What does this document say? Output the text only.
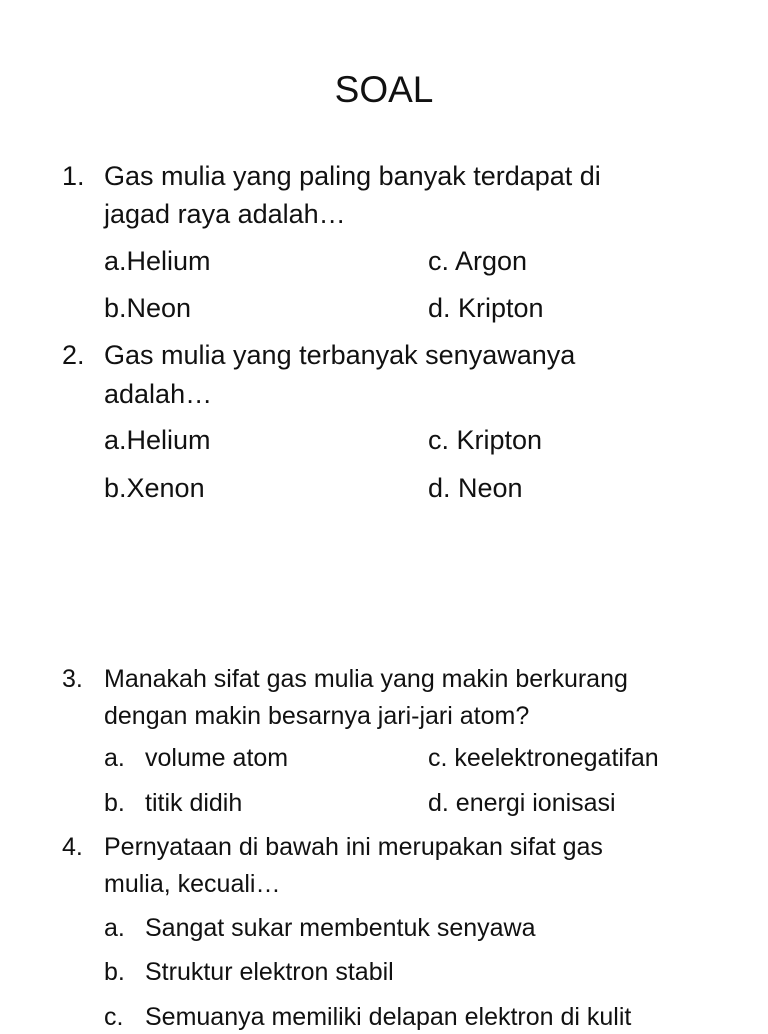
SOAL
1. Gas mulia yang paling banyak terdapat di
jagad raya adalah…
a.Helium	c. Argon
b.Neon	d. Kripton
2. Gas mulia yang terbanyak senyawanya
adalah…
a.Helium	c. Kripton
b.Xenon	d. Neon
3. Manakah sifat gas mulia yang makin berkurang
dengan makin besarnya jari-jari atom?
a. volume atom	c. keelektronegatifan
b. titik didih	d. energi ionisasi
4. Pernyataan di bawah ini merupakan sifat gas
mulia, kecuali…
a. Sangat sukar membentuk senyawa
b. Struktur elektron stabil
c. Semuanya memiliki delapan elektron di kulit
